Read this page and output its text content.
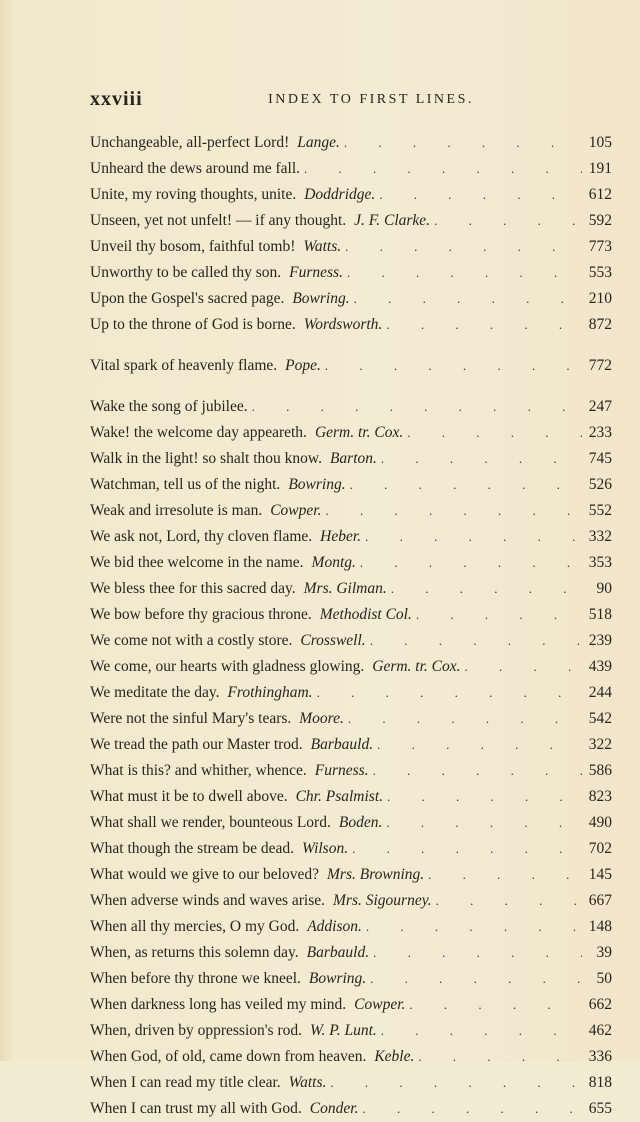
xxviii	INDEX TO FIRST LINES.
Unchangeable, all-perfect Lord! Lange. . . .	105
Unheard the dews around me fall. . . .	191
Unite, my roving thoughts, unite. Doddridge. . . .	612
Unseen, yet not unfelt! — if any thought. J. F. Clarke. . . .	592
Unveil thy bosom, faithful tomb! Watts. . . .	773
Unworthy to be called thy son. Furness. . . .	553
Upon the Gospel's sacred page. Bowring. . . .	210
Up to the throne of God is borne. Wordsworth. . . .	872
Vital spark of heavenly flame. Pope. . . .	772
Wake the song of jubilee. . . .	247
Wake! the welcome day appeareth. Germ. tr. Cox. . . .	233
Walk in the light! so shalt thou know. Barton. . . .	745
Watchman, tell us of the night. Bowring. . . .	526
Weak and irresolute is man. Cowper. . . .	552
We ask not, Lord, thy cloven flame. Heber. . . .	332
We bid thee welcome in the name. Montg. . . .	353
We bless thee for this sacred day. Mrs. Gilman. . . .	90
We bow before thy gracious throne. Methodist Col. . . .	518
We come not with a costly store. Crosswell. . . .	239
We come, our hearts with gladness glowing. Germ. tr. Cox. . . .	439
We meditate the day. Frothingham. . . .	244
Were not the sinful Mary's tears. Moore. . . .	542
We tread the path our Master trod. Barbauld. . . .	322
What is this? and whither, whence. Furness. . . .	586
What must it be to dwell above. Chr. Psalmist. . . .	823
What shall we render, bounteous Lord. Boden. . . .	490
What though the stream be dead. Wilson. . . .	702
What would we give to our beloved? Mrs. Browning. . . .	145
When adverse winds and waves arise. Mrs. Sigourney. . . .	667
When all thy mercies, O my God. Addison. . . .	148
When, as returns this solemn day. Barbauld. . . .	39
When before thy throne we kneel. Bowring. . . .	50
When darkness long has veiled my mind. Cowper. . . .	662
When, driven by oppression's rod. W. P. Lunt. . . .	462
When God, of old, came down from heaven. Keble. . . .	336
When I can read my title clear. Watts. . . .	818
When I can trust my all with God. Conder. . . .	655
